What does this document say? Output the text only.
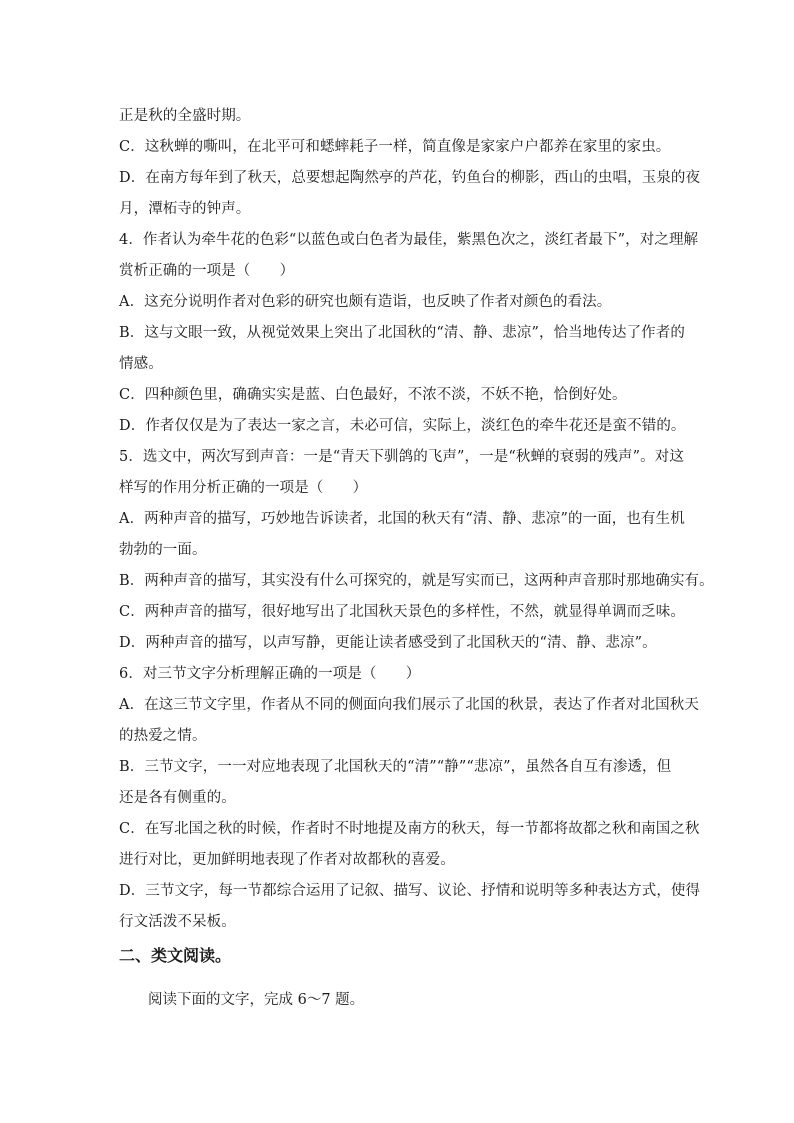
正是秋的全盛时期。
C．这秋蝉的嘶叫，在北平可和蟋蟀耗子一样，简直像是家家户户都养在家里的家虫。
D．在南方每年到了秋天，总要想起陶然亭的芦花，钓鱼台的柳影，西山的虫唱，玉泉的夜
月，潭柘寺的钟声。
4．作者认为牵牛花的色彩“以蓝色或白色者为最佳，紫黑色次之，淡红者最下”，对之理解
赏析正确的一项是（　　）
A．这充分说明作者对色彩的研究也颇有造诣，也反映了作者对颜色的看法。
B．这与文眼一致，从视觉效果上突出了北国秋的“清、静、悲凉”，恰当地传达了作者的
情感。
C．四种颜色里，确确实实是蓝、白色最好，不浓不淡，不妖不艳，恰倒好处。
D．作者仅仅是为了表达一家之言，未必可信，实际上，淡红色的牵牛花还是蛮不错的。
5．选文中，两次写到声音：一是“青天下驯鸽的飞声”，一是“秋蝉的衰弱的残声”。对这
样写的作用分析正确的一项是（　　）
A．两种声音的描写，巧妙地告诉读者，北国的秋天有“清、静、悲凉”的一面，也有生机
勃勃的一面。
B．两种声音的描写，其实没有什么可探究的，就是写实而已，这两种声音那时那地确实有。
C．两种声音的描写，很好地写出了北国秋天景色的多样性，不然，就显得单调而乏味。
D．两种声音的描写，以声写静，更能让读者感受到了北国秋天的“清、静、悲凉”。
6．对三节文字分析理解正确的一项是（　　）
A．在这三节文字里，作者从不同的侧面向我们展示了北国的秋景，表达了作者对北国秋天
的热爱之情。
B．三节文字，一一对应地表现了北国秋天的“清”“静”“悲凉”，虽然各自互有渗透，但
还是各有侧重的。
C．在写北国之秋的时候，作者时不时地提及南方的秋天，每一节都将故都之秋和南国之秋
进行对比，更加鲜明地表现了作者对故都秋的喜爱。
D．三节文字，每一节都综合运用了记叙、描写、议论、抒情和说明等多种表达方式，使得
行文活泼不呆板。
二、类文阅读。
阅读下面的文字，完成 6～7 题。
